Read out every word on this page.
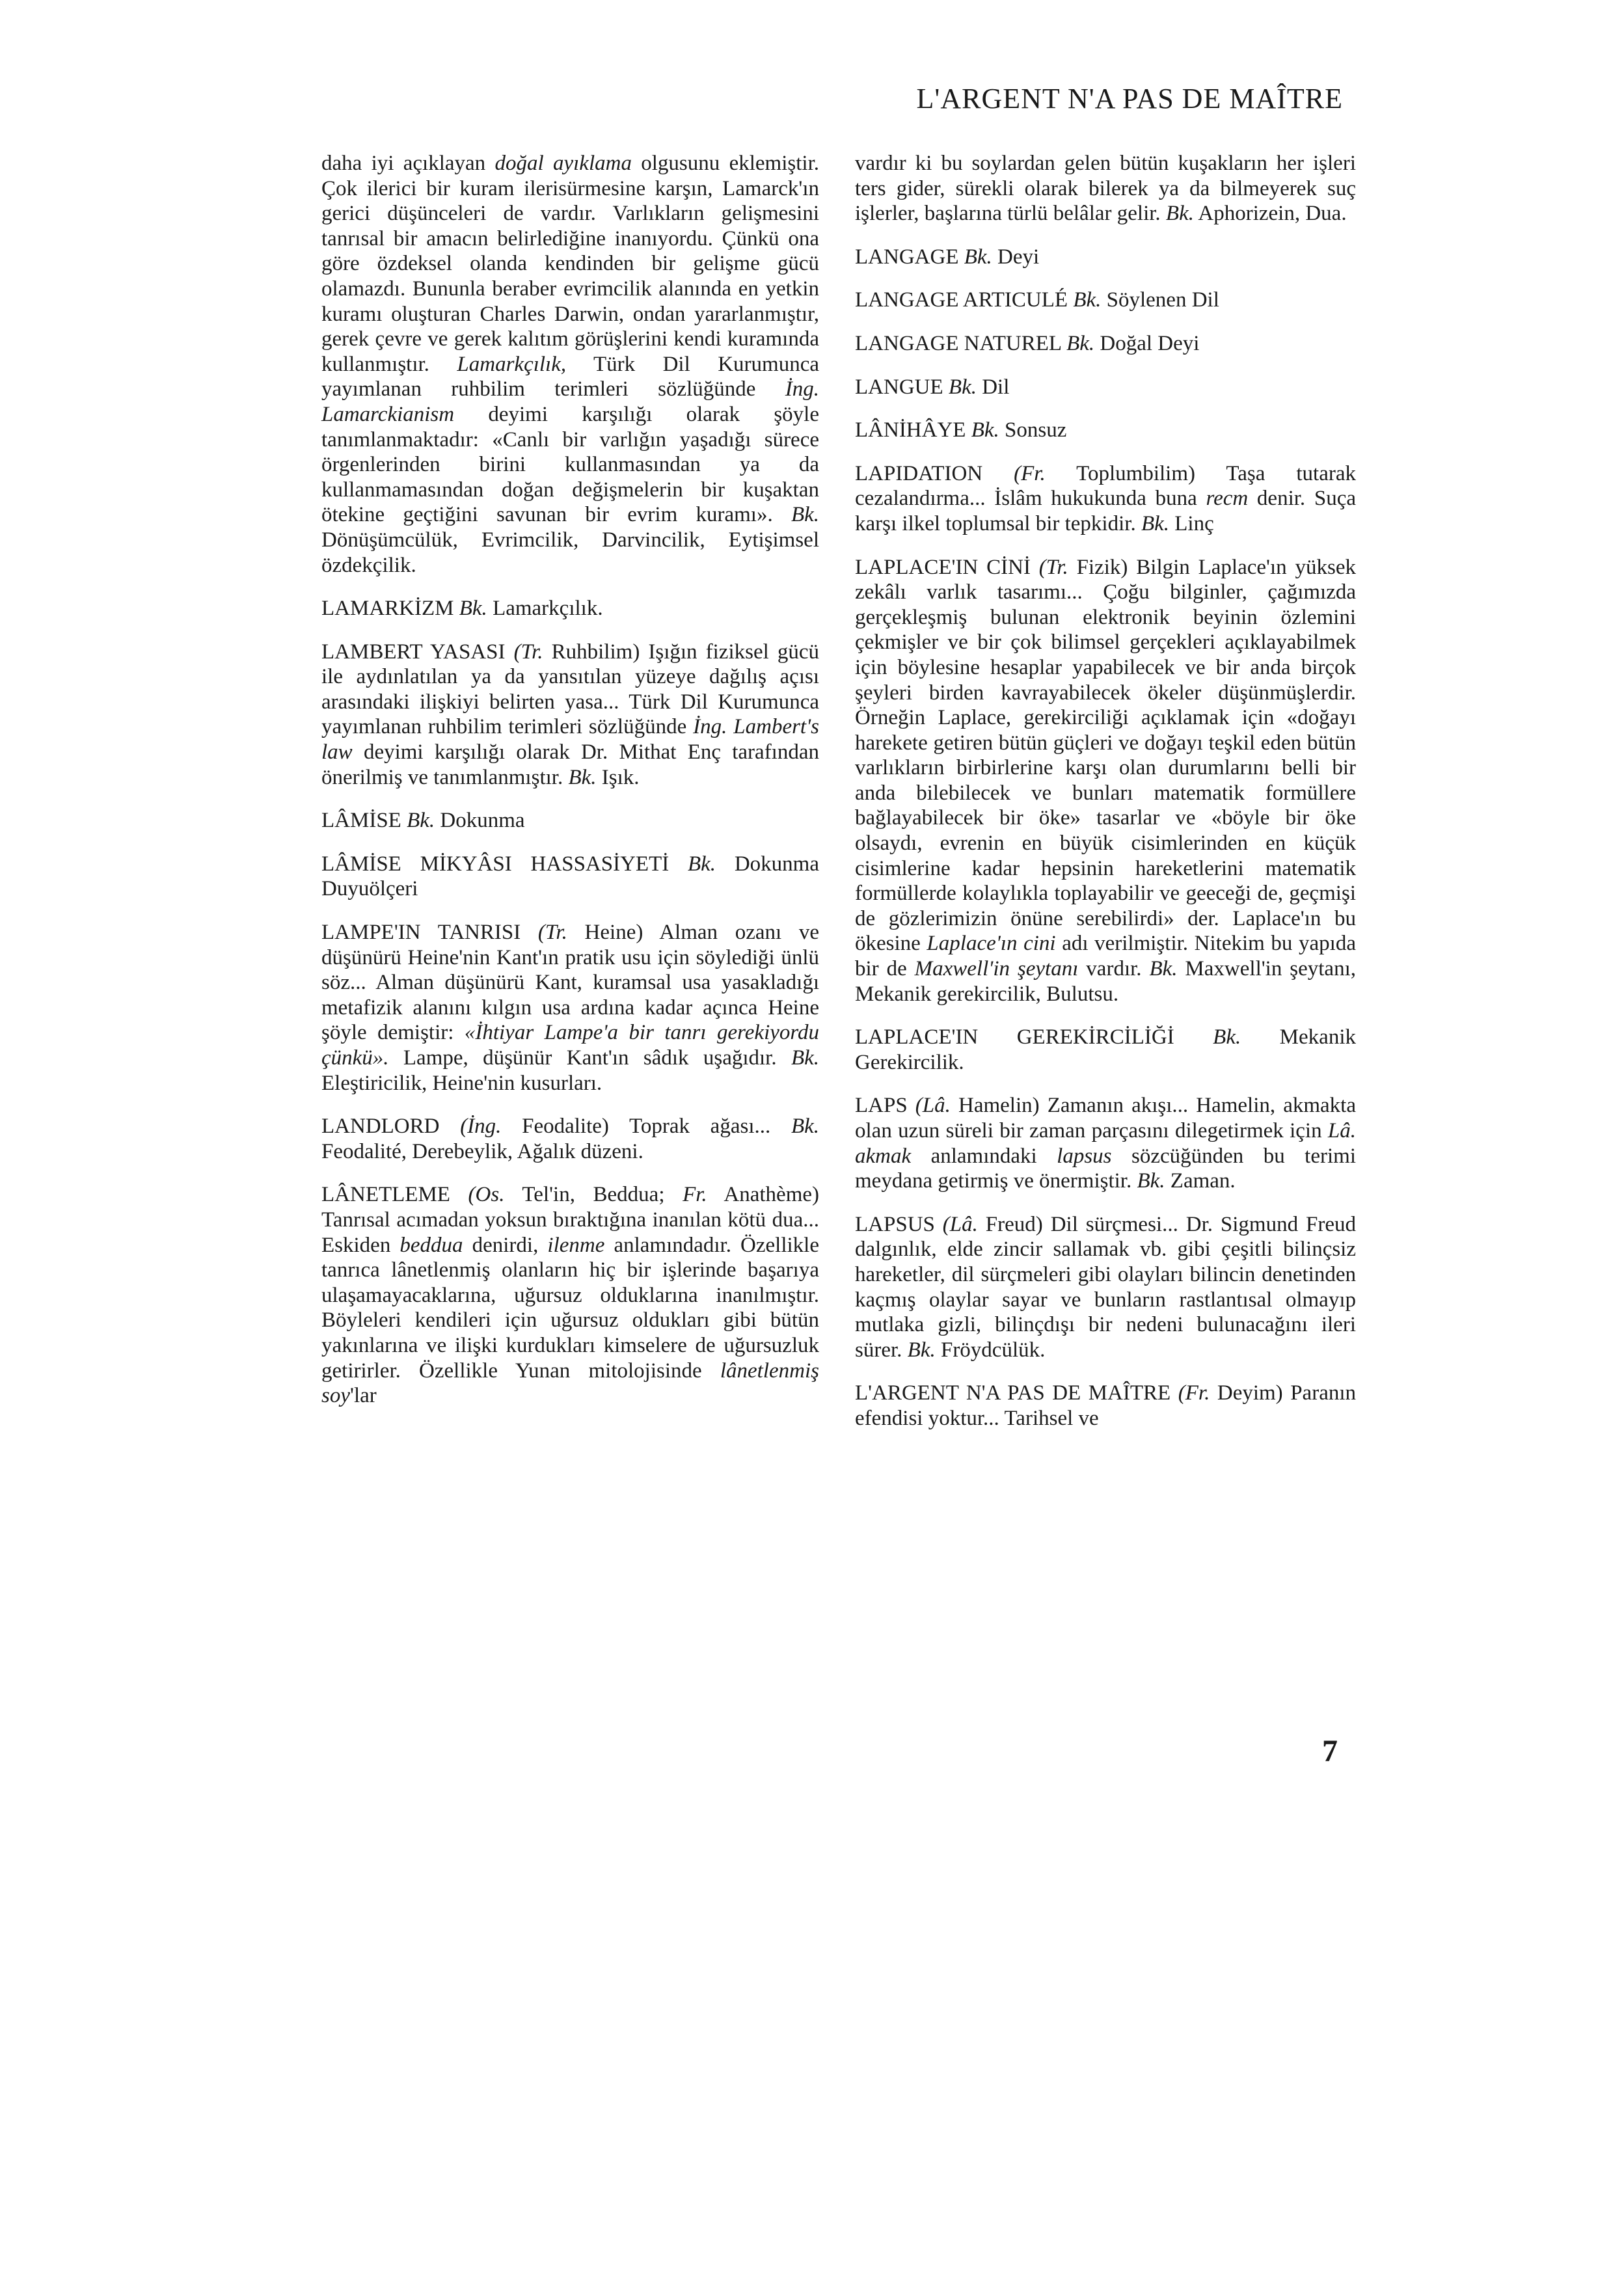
L'ARGENT N'A PAS DE MAÎTRE

daha iyi açıklayan doğal ayıklama olgusunu eklemiştir. Çok ilerici bir kuram ilerisürmesine karşın, Lamarck'ın gerici düşünceleri de vardır. Varlıkların gelişmesini tanrısal bir amacın belirlediğine inanıyordu. Çünkü ona göre özdeksel olanda kendinden bir gelişme gücü olamazdı. Bununla beraber evrimcilik alanında en yetkin kuramı oluşturan Charles Darwin, ondan yararlanmıştır, gerek çevre ve gerek kalıtım görüşlerini kendi kuramında kullanmıştır. Lamarkçılık, Türk Dil Kurumunca yayımlanan ruhbilim terimleri sözlüğünde İng. Lamarckianism deyimi karşılığı olarak şöyle tanımlanmaktadır: «Canlı bir varlığın yaşadığı sürece örgenlerinden birini kullanmasından ya da kullanmamasından doğan değişmelerin bir kuşaktan ötekine geçtiğini savunan bir evrim kuramı». Bk. Dönüşümcülük, Evrimcilik, Darvincilik, Eytişimsel özdekçilik.

LAMARKİZM Bk. Lamarkçılık.

LAMBERT YASASI (Tr. Ruhbilim) Işığın fiziksel gücü ile aydınlatılan ya da yansıtılan yüzeye dağılış açısı arasındaki ilişkiyi belirten yasa... Türk Dil Kurumunca yayımlanan ruhbilim terimleri sözlüğünde İng. Lambert's law deyimi karşılığı olarak Dr. Mithat Enç tarafından önerilmiş ve tanımlanmıştır. Bk. Işık.

LÂMİSE Bk. Dokunma

LÂMİSE MİKYÂSI HASSASİYETİ Bk. Dokunma Duyuölçeri

LAMPE'IN TANRISI (Tr. Heine) Alman ozanı ve düşünürü Heine'nin Kant'ın pratik usu için söylediği ünlü söz... Alman düşünürü Kant, kuramsal usa yasakladığı metafizik alanını kılgın usa ardına kadar açınca Heine şöyle demiştir: «İhtiyar Lampe'a bir tanrı gerekiyordu çünkü». Lampe, düşünür Kant'ın sâdık uşağıdır. Bk. Eleştiricilik, Heine'nin kusurları.

LANDLORD (İng. Feodalite) Toprak ağası... Bk. Feodalité, Derebeylik, Ağalık düzeni.

LÂNETLEME (Os. Tel'in, Beddua; Fr. Anathème) Tanrısal acımadan yoksun bıraktığına inanılan kötü dua... Eskiden beddua denirdi, ilenme anlamındadır. Özellikle tanrıca lânetlenmiş olanların hiç bir işlerinde başarıya ulaşamayacaklarına, uğursuz olduklarına inanılmıştır. Böyleleri kendileri için uğursuz oldukları gibi bütün yakınlarına ve ilişki kurdukları kimselere de uğursuzluk getirirler. Özellikle Yunan mitolojisinde lânetlenmiş soy'lar

vardır ki bu soylardan gelen bütün kuşakların her işleri ters gider, sürekli olarak bilerek ya da bilmeyerek suç işlerler, başlarına türlü belâlar gelir. Bk. Aphorizein, Dua.

LANGAGE Bk. Deyi

LANGAGE ARTICULÉ Bk. Söylenen Dil

LANGAGE NATUREL Bk. Doğal Deyi

LANGUE Bk. Dil

LÂNİHÂYE Bk. Sonsuz

LAPIDATION (Fr. Toplumbilim) Taşa tutarak cezalandırma... İslâm hukukunda buna recm denir. Suça karşı ilkel toplumsal bir tepkidir. Bk. Linç

LAPLACE'IN CİNİ (Tr. Fizik) Bilgin Laplace'ın yüksek zekâlı varlık tasarımı... Çoğu bilginler, çağımızda gerçekleşmiş bulunan elektronik beyinin özlemini çekmişler ve bir çok bilimsel gerçekleri açıklayabilmek için böylesine hesaplar yapabilecek ve bir anda birçok şeyleri birden kavrayabilecek ökeler düşünmüşlerdir. Örneğin Laplace, gerekirciliği açıklamak için «doğayı harekete getiren bütün güçleri ve doğayı teşkil eden bütün varlıkların birbirlerine karşı olan durumlarını belli bir anda bilebilecek ve bunları matematik formüllere bağlayabilecek bir öke» tasarlar ve «böyle bir öke olsaydı, evrenin en büyük cisimlerinden en küçük cisimlerine kadar hepsinin hareketlerini matematik formüllerde kolaylıkla toplayabilir ve geeceği de, geçmişi de gözlerimizin önüne serebilirdi» der. Laplace'ın bu ökesine Laplace'ın cini adı verilmiştir. Nitekim bu yapıda bir de Maxwell'in şeytanı vardır. Bk. Maxwell'in şeytanı, Mekanik gerekircilik, Bulutsu.

LAPLACE'IN GEREKİRCİLİĞİ Bk. Mekanik Gerekircilik.

LAPS (Lâ. Hamelin) Zamanın akışı... Hamelin, akmakta olan uzun süreli bir zaman parçasını dilegetirmek için Lâ. akmak anlamındaki lapsus sözcüğünden bu terimi meydana getirmiş ve önermiştir. Bk. Zaman.

LAPSUS (Lâ. Freud) Dil sürçmesi... Dr. Sigmund Freud dalgınlık, elde zincir sallamak vb. gibi çeşitli bilinçsiz hareketler, dil sürçmeleri gibi olayları bilincin denetinden kaçmış olaylar sayar ve bunların rastlantısal olmayıp mutlaka gizli, bilinçdışı bir nedeni bulunacağını ileri sürer. Bk. Fröydcülük.

L'ARGENT N'A PAS DE MAÎTRE (Fr. Deyim) Paranın efendisi yoktur... Tarihsel ve

7
